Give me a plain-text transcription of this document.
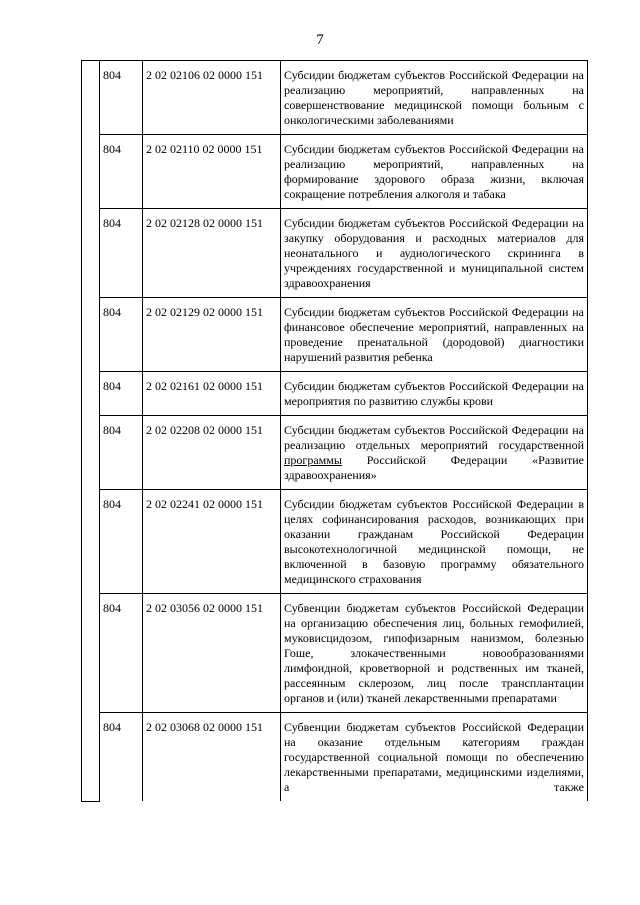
7
	804	2 02 02106 02 0000 151	Субсидии бюджетам субъектов Российской Федерации на реализацию мероприятий, направленных на совершенствование медицинской помощи больным с онкологическими заболеваниями
	804	2 02 02110 02 0000 151	Субсидии бюджетам субъектов Российской Федерации на реализацию мероприятий, направленных на формирование здорового образа жизни, включая сокращение потребления алкоголя и табака
	804	2 02 02128 02 0000 151	Субсидии бюджетам субъектов Российской Федерации на закупку оборудования и расходных материалов для неонатального и аудиологического скрининга в учреждениях государственной и муниципальной систем здравоохранения
	804	2 02 02129 02 0000 151	Субсидии бюджетам субъектов Российской Федерации на финансовое обеспечение мероприятий, направленных на проведение пренатальной (дородовой) диагностики нарушений развития ребенка
	804	2 02 02161 02 0000 151	Субсидии бюджетам субъектов Российской Федерации на мероприятия по развитию службы крови
	804	2 02 02208 02 0000 151	Субсидии бюджетам субъектов Российской Федерации на реализацию отдельных мероприятий государственной программы Российской Федерации «Развитие здравоохранения»
	804	2 02 02241 02 0000 151	Субсидии бюджетам субъектов Российской Федерации в целях софинансирования расходов, возникающих при оказании гражданам Российской Федерации высокотехнологичной медицинской помощи, не включенной в базовую программу обязательного медицинского страхования
	804	2 02 03056 02 0000 151	Субвенции бюджетам субъектов Российской Федерации на организацию обеспечения лиц, больных гемофилией, муковисцидозом, гипофизарным нанизмом, болезнью Гоше, злокачественными новообразованиями лимфоидной, кроветворной и родственных им тканей, рассеянным склерозом, лиц после трансплантации органов и (или) тканей лекарственными препаратами
	804	2 02 03068 02 0000 151	Субвенции бюджетам субъектов Российской Федерации на оказание отдельным категориям граждан государственной социальной помощи по обеспечению лекарственными препаратами, медицинскими изделиями, а также
